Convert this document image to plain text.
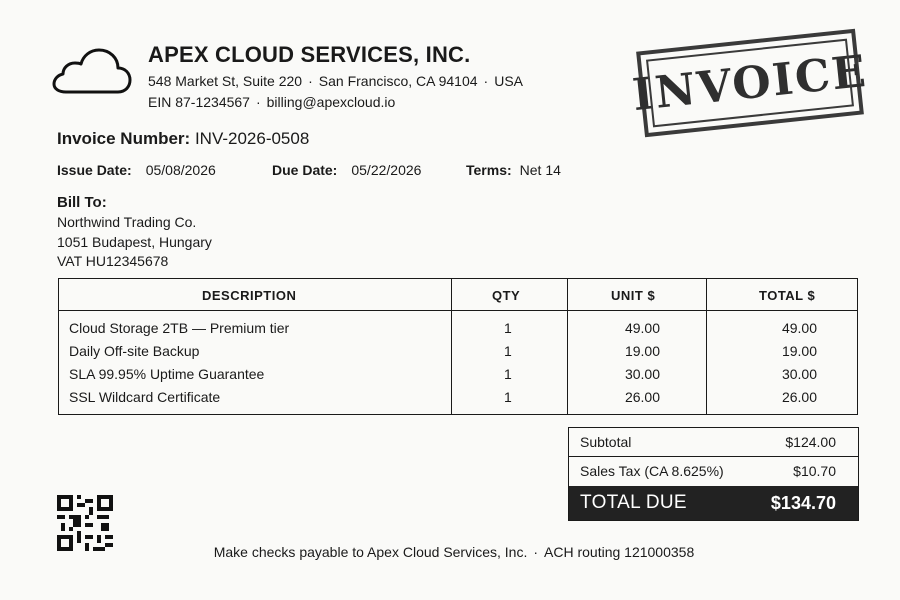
APEX CLOUD SERVICES, INC.
548 Market St, Suite 220 · San Francisco, CA 94104 · USA
EIN 87-1234567 · billing@apexcloud.io	INVOICE
Invoice Number: INV-2026-0508
Issue Date: 05/08/2026	Due Date: 05/22/2026	Terms: Net 14
Bill To:
Northwind Trading Co.
1051 Budapest, Hungary
VAT HU12345678
DESCRIPTION	QTY	UNIT $	TOTAL $
Cloud Storage 2TB — Premium tier	1	49.00	49.00
Daily Off-site Backup	1	19.00	19.00
SLA 99.95% Uptime Guarantee	1	30.00	30.00
SSL Wildcard Certificate	1	26.00	26.00
Subtotal	$124.00
Sales Tax (CA 8.625%)	$10.70
TOTAL DUE	$134.70
Make checks payable to Apex Cloud Services, Inc. · ACH routing 121000358
